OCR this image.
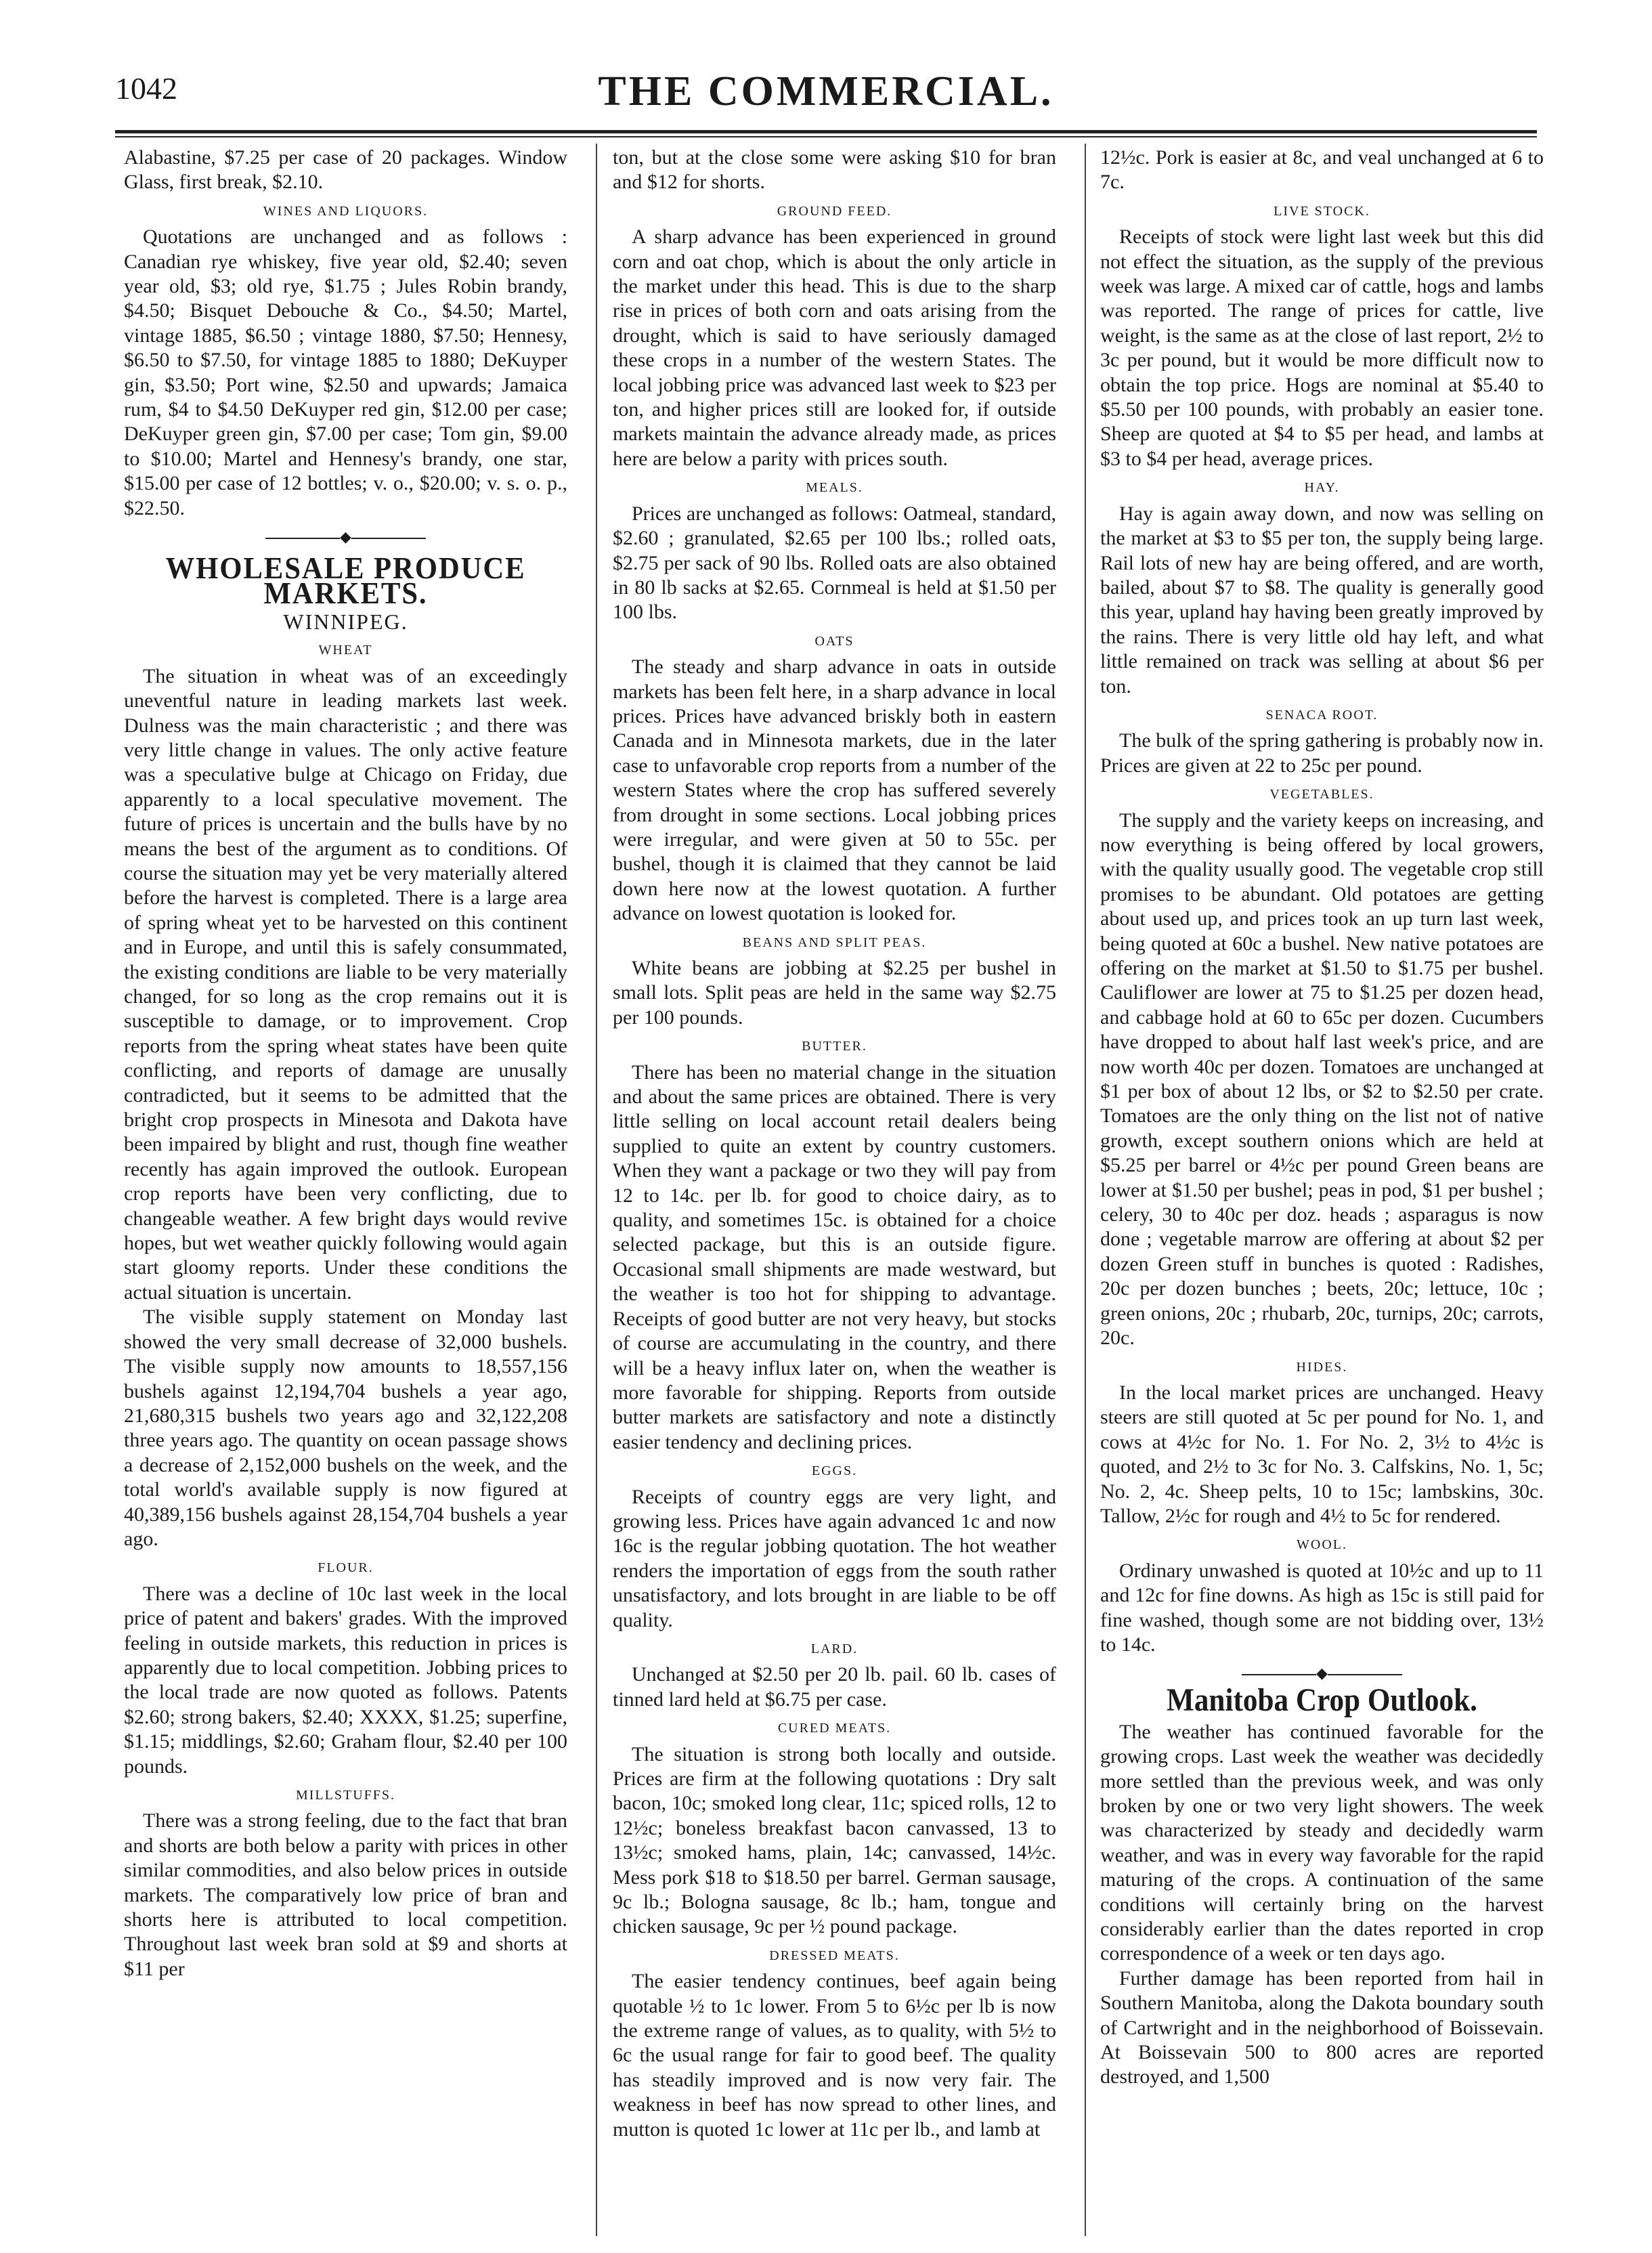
1042	THE COMMERCIAL.

Alabastine, $7.25 per case of 20 packages. Window Glass, first break, $2.10.

WINES AND LIQUORS.

Quotations are unchanged and as follows : Canadian rye whiskey, five year old, $2.40; seven year old, $3; old rye, $1.75 ; Jules Robin brandy, $4.50; Bisquet Debouche & Co., $4.50; Martel, vintage 1885, $6.50 ; vintage 1880, $7.50; Hennesy, $6.50 to $7.50, for vintage 1885 to 1880; DeKuyper gin, $3.50; Port wine, $2.50 and upwards; Jamaica rum, $4 to $4.50 DeKuyper red gin, $12.00 per case; DeKuyper green gin, $7.00 per case; Tom gin, $9.00 to $10.00; Martel and Hennesy's brandy, one star, $15.00 per case of 12 bottles; v. o., $20.00; v. s. o. p., $22.50.

◆
WHOLESALE PRODUCE MARKETS.
WINNIPEG.
WHEAT

The situation in wheat was of an exceedingly uneventful nature in leading markets last week. Dulness was the main characteristic ; and there was very little change in values. The only active feature was a speculative bulge at Chicago on Friday, due apparently to a local speculative movement. The future of prices is uncertain and the bulls have by no means the best of the argument as to conditions. Of course the situation may yet be very materially altered before the harvest is completed. There is a large area of spring wheat yet to be harvested on this continent and in Europe, and until this is safely consummated, the existing conditions are liable to be very materially changed, for so long as the crop remains out it is susceptible to damage, or to improvement. Crop reports from the spring wheat states have been quite conflicting, and reports of damage are unusally contradicted, but it seems to be admitted that the bright crop prospects in Minesota and Dakota have been impaired by blight and rust, though fine weather recently has again improved the outlook. European crop reports have been very conflicting, due to changeable weather. A few bright days would revive hopes, but wet weather quickly following would again start gloomy reports. Under these conditions the actual situation is uncertain.

The visible supply statement on Monday last showed the very small decrease of 32,000 bushels. The visible supply now amounts to 18,557,156 bushels against 12,194,704 bushels a year ago, 21,680,315 bushels two years ago and 32,122,208 three years ago. The quantity on ocean passage shows a decrease of 2,152,000 bushels on the week, and the total world's available supply is now figured at 40,389,156 bushels against 28,154,704 bushels a year ago.

FLOUR.

There was a decline of 10c last week in the local price of patent and bakers' grades. With the improved feeling in outside markets, this reduction in prices is apparently due to local competition. Jobbing prices to the local trade are now quoted as follows. Patents $2.60; strong bakers, $2.40; XXXX, $1.25; superfine, $1.15; middlings, $2.60; Graham flour, $2.40 per 100 pounds.

MILLSTUFFS.

There was a strong feeling, due to the fact that bran and shorts are both below a parity with prices in other similar commodities, and also below prices in outside markets. The comparatively low price of bran and shorts here is attributed to local competition. Throughout last week bran sold at $9 and shorts at $11 per

ton, but at the close some were asking $10 for bran and $12 for shorts.

GROUND FEED.

A sharp advance has been experienced in ground corn and oat chop, which is about the only article in the market under this head. This is due to the sharp rise in prices of both corn and oats arising from the drought, which is said to have seriously damaged these crops in a number of the western States. The local jobbing price was advanced last week to $23 per ton, and higher prices still are looked for, if outside markets maintain the advance already made, as prices here are below a parity with prices south.

MEALS.

Prices are unchanged as follows: Oatmeal, standard, $2.60 ; granulated, $2.65 per 100 lbs.; rolled oats, $2.75 per sack of 90 lbs. Rolled oats are also obtained in 80 lb sacks at $2.65. Cornmeal is held at $1.50 per 100 lbs.

OATS

The steady and sharp advance in oats in outside markets has been felt here, in a sharp advance in local prices. Prices have advanced briskly both in eastern Canada and in Minnesota markets, due in the later case to unfavorable crop reports from a number of the western States where the crop has suffered severely from drought in some sections. Local jobbing prices were irregular, and were given at 50 to 55c. per bushel, though it is claimed that they cannot be laid down here now at the lowest quotation. A further advance on lowest quotation is looked for.

BEANS AND SPLIT PEAS.

White beans are jobbing at $2.25 per bushel in small lots. Split peas are held in the same way $2.75 per 100 pounds.

BUTTER.

There has been no material change in the situation and about the same prices are obtained. There is very little selling on local account retail dealers being supplied to quite an extent by country customers. When they want a package or two they will pay from 12 to 14c. per lb. for good to choice dairy, as to quality, and sometimes 15c. is obtained for a choice selected package, but this is an outside figure. Occasional small shipments are made westward, but the weather is too hot for shipping to advantage. Receipts of good butter are not very heavy, but stocks of course are accumulating in the country, and there will be a heavy influx later on, when the weather is more favorable for shipping. Reports from outside butter markets are satisfactory and note a distinctly easier tendency and declining prices.

EGGS.

Receipts of country eggs are very light, and growing less. Prices have again advanced 1c and now 16c is the regular jobbing quotation. The hot weather renders the importation of eggs from the south rather unsatisfactory, and lots brought in are liable to be off quality.

LARD.

Unchanged at $2.50 per 20 lb. pail. 60 lb. cases of tinned lard held at $6.75 per case.

CURED MEATS.

The situation is strong both locally and outside. Prices are firm at the following quotations : Dry salt bacon, 10c; smoked long clear, 11c; spiced rolls, 12 to 12½c; boneless breakfast bacon canvassed, 13 to 13½c; smoked hams, plain, 14c; canvassed, 14½c. Mess pork $18 to $18.50 per barrel. German sausage, 9c lb.; Bologna sausage, 8c lb.; ham, tongue and chicken sausage, 9c per ½ pound package.

DRESSED MEATS.

The easier tendency continues, beef again being quotable ½ to 1c lower. From 5 to 6½c per lb is now the extreme range of values, as to quality, with 5½ to 6c the usual range for fair to good beef. The quality has steadily improved and is now very fair. The weakness in beef has now spread to other lines, and mutton is quoted 1c lower at 11c per lb., and lamb at

12½c. Pork is easier at 8c, and veal unchanged at 6 to 7c.

LIVE STOCK.

Receipts of stock were light last week but this did not effect the situation, as the supply of the previous week was large. A mixed car of cattle, hogs and lambs was reported. The range of prices for cattle, live weight, is the same as at the close of last report, 2½ to 3c per pound, but it would be more difficult now to obtain the top price. Hogs are nominal at $5.40 to $5.50 per 100 pounds, with probably an easier tone. Sheep are quoted at $4 to $5 per head, and lambs at $3 to $4 per head, average prices.

HAY.

Hay is again away down, and now was selling on the market at $3 to $5 per ton, the supply being large. Rail lots of new hay are being offered, and are worth, bailed, about $7 to $8. The quality is generally good this year, upland hay having been greatly improved by the rains. There is very little old hay left, and what little remained on track was selling at about $6 per ton.

SENACA ROOT.

The bulk of the spring gathering is probably now in. Prices are given at 22 to 25c per pound.

VEGETABLES.

The supply and the variety keeps on increasing, and now everything is being offered by local growers, with the quality usually good. The vegetable crop still promises to be abundant. Old potatoes are getting about used up, and prices took an up turn last week, being quoted at 60c a bushel. New native potatoes are offering on the market at $1.50 to $1.75 per bushel. Cauliflower are lower at 75 to $1.25 per dozen head, and cabbage hold at 60 to 65c per dozen. Cucumbers have dropped to about half last week's price, and are now worth 40c per dozen. Tomatoes are unchanged at $1 per box of about 12 lbs, or $2 to $2.50 per crate. Tomatoes are the only thing on the list not of native growth, except southern onions which are held at $5.25 per barrel or 4½c per pound Green beans are lower at $1.50 per bushel; peas in pod, $1 per bushel ; celery, 30 to 40c per doz. heads ; asparagus is now done ; vegetable marrow are offering at about $2 per dozen Green stuff in bunches is quoted : Radishes, 20c per dozen bunches ; beets, 20c; lettuce, 10c ; green onions, 20c ; rhubarb, 20c, turnips, 20c; carrots, 20c.

HIDES.

In the local market prices are unchanged. Heavy steers are still quoted at 5c per pound for No. 1, and cows at 4½c for No. 1. For No. 2, 3½ to 4½c is quoted, and 2½ to 3c for No. 3. Calfskins, No. 1, 5c; No. 2, 4c. Sheep pelts, 10 to 15c; lambskins, 30c. Tallow, 2½c for rough and 4½ to 5c for rendered.

WOOL.

Ordinary unwashed is quoted at 10½c and up to 11 and 12c for fine downs. As high as 15c is still paid for fine washed, though some are not bidding over, 13½ to 14c.

◆
Manitoba Crop Outlook.

The weather has continued favorable for the growing crops. Last week the weather was decidedly more settled than the previous week, and was only broken by one or two very light showers. The week was characterized by steady and decidedly warm weather, and was in every way favorable for the rapid maturing of the crops. A continuation of the same conditions will certainly bring on the harvest considerably earlier than the dates reported in crop correspondence of a week or ten days ago.

Further damage has been reported from hail in Southern Manitoba, along the Dakota boundary south of Cartwright and in the neighborhood of Boissevain. At Boissevain 500 to 800 acres are reported destroyed, and 1,500
